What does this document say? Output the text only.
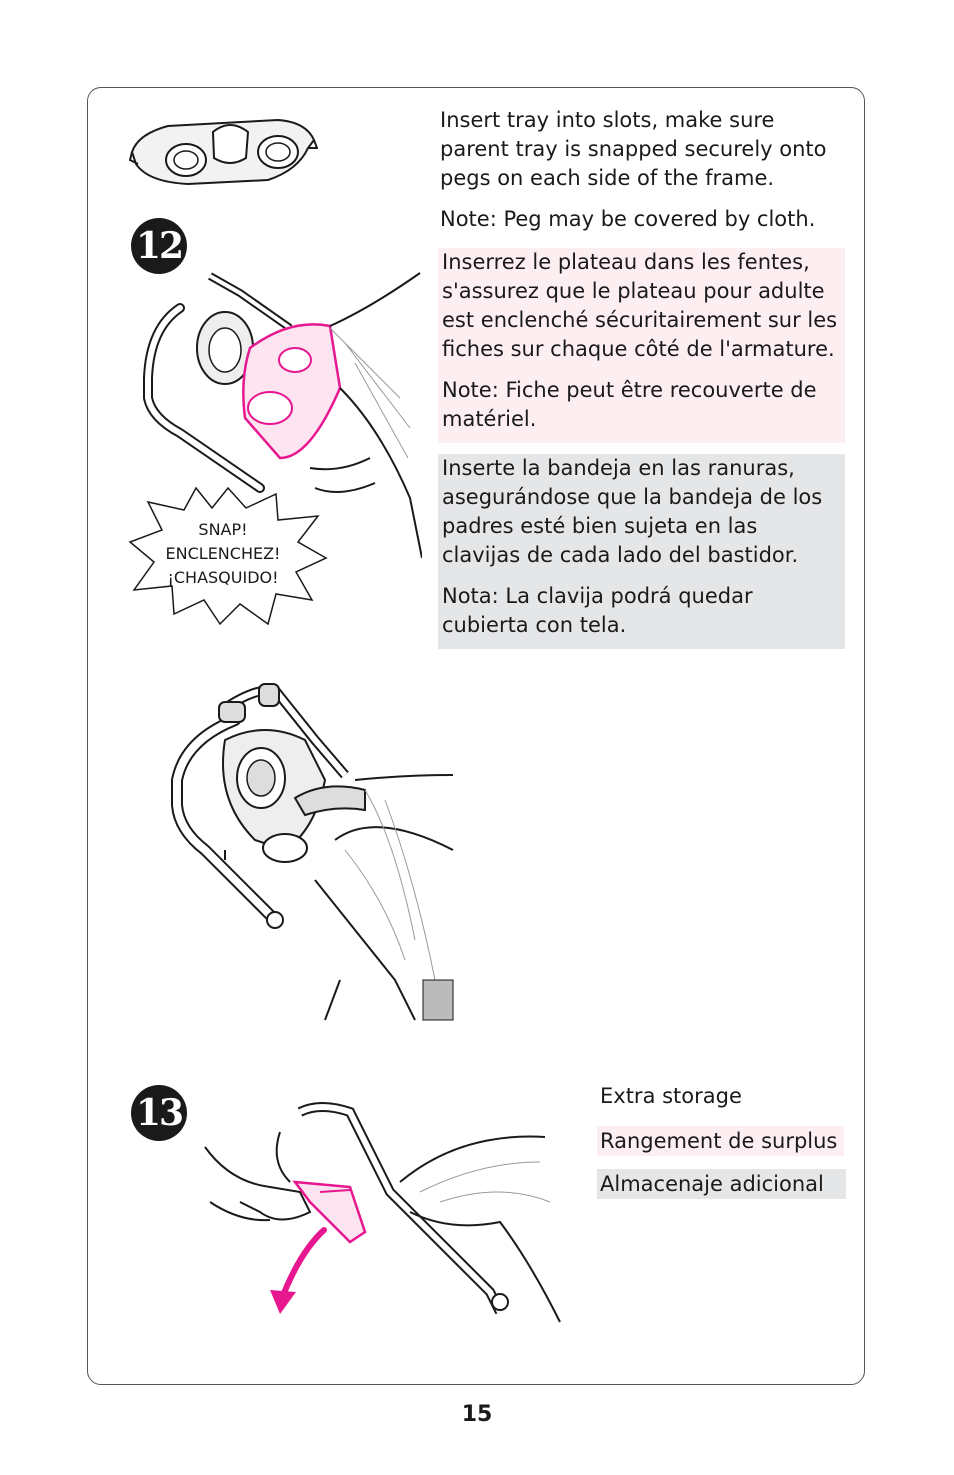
12
SNAP!
ENCLENCHEZ!
¡CHASQUIDO!

Insert tray into slots, make sure parent tray is snapped securely onto pegs on each side of the frame.

Note: Peg may be covered by cloth.

Inserrez le plateau dans les fentes, s'assurez que le plateau pour adulte est enclenché sécuritairement sur les fiches sur chaque côté de l'armature.

Note: Fiche peut être recouverte de matériel.

Inserte la bandeja en las ranuras, asegurándose que la bandeja de los padres esté bien sujeta en las clavijas de cada lado del bastidor.

Nota: La clavija podrá quedar cubierta con tela.

13	Extra storage
Rangement de surplus
Almacenaje adicional
15
